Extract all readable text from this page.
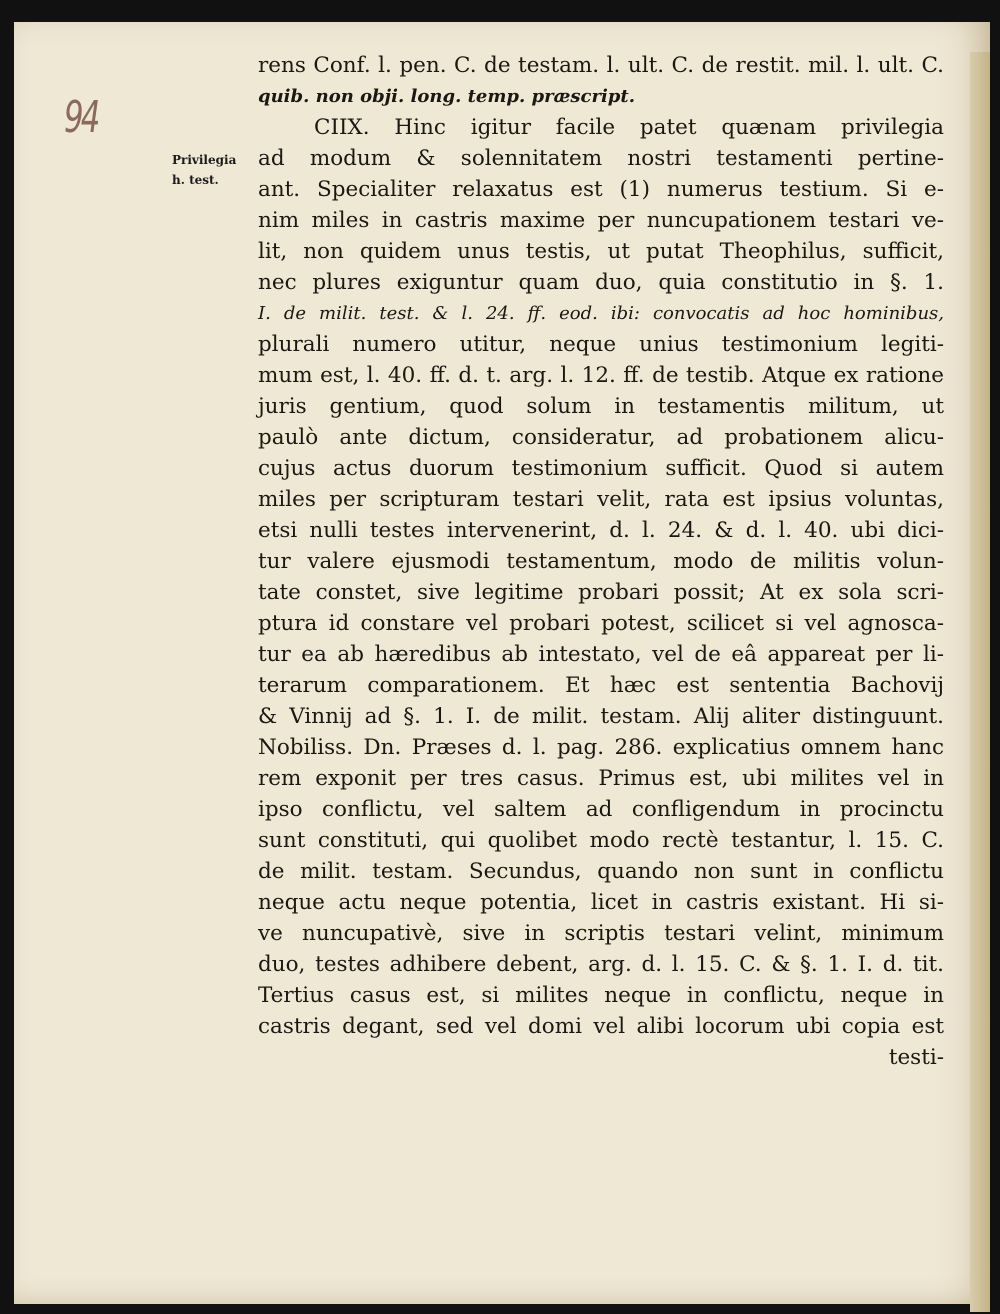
94
Privilegia
h. test.
rens Conf. l. pen. C. de testam. l. ult. C. de restit. mil. l. ult. C.
quib. non obji. long. temp. præscript.
CIIX. Hinc igitur facile patet quænam privilegia
ad modum & solennitatem nostri testamenti pertine-
ant. Specialiter relaxatus est (1) numerus testium. Si e-
nim miles in castris maxime per nuncupationem testari ve-
lit, non quidem unus testis, ut putat Theophilus, sufficit,
nec plures exiguntur quam duo, quia constitutio in §. 1.
I. de milit. test. & l. 24. ff. eod. ibi: convocatis ad hoc hominibus,
plurali numero utitur, neque unius testimonium legiti-
mum est, l. 40. ff. d. t. arg. l. 12. ff. de testib. Atque ex ratione
juris gentium, quod solum in testamentis militum, ut
paulò ante dictum, consideratur, ad probationem alicu-
cujus actus duorum testimonium sufficit. Quod si autem
miles per scripturam testari velit, rata est ipsius voluntas,
etsi nulli testes intervenerint, d. l. 24. & d. l. 40. ubi dici-
tur valere ejusmodi testamentum, modo de militis volun-
tate constet, sive legitime probari possit; At ex sola scri-
ptura id constare vel probari potest, scilicet si vel agnosca-
tur ea ab hæredibus ab intestato, vel de eâ appareat per li-
terarum comparationem. Et hæc est sententia Bachovij
& Vinnij ad §. 1. I. de milit. testam. Alij aliter distinguunt.
Nobiliss. Dn. Præses d. l. pag. 286. explicatius omnem hanc
rem exponit per tres casus. Primus est, ubi milites vel in
ipso conflictu, vel saltem ad confligendum in procinctu
sunt constituti, qui quolibet modo rectè testantur, l. 15. C.
de milit. testam. Secundus, quando non sunt in conflictu
neque actu neque potentia, licet in castris existant. Hi si-
ve nuncupativè, sive in scriptis testari velint, minimum
duo, testes adhibere debent, arg. d. l. 15. C. & §. 1. I. d. tit.
Tertius casus est, si milites neque in conflictu, neque in
castris degant, sed vel domi vel alibi locorum ubi copia est
testi-
